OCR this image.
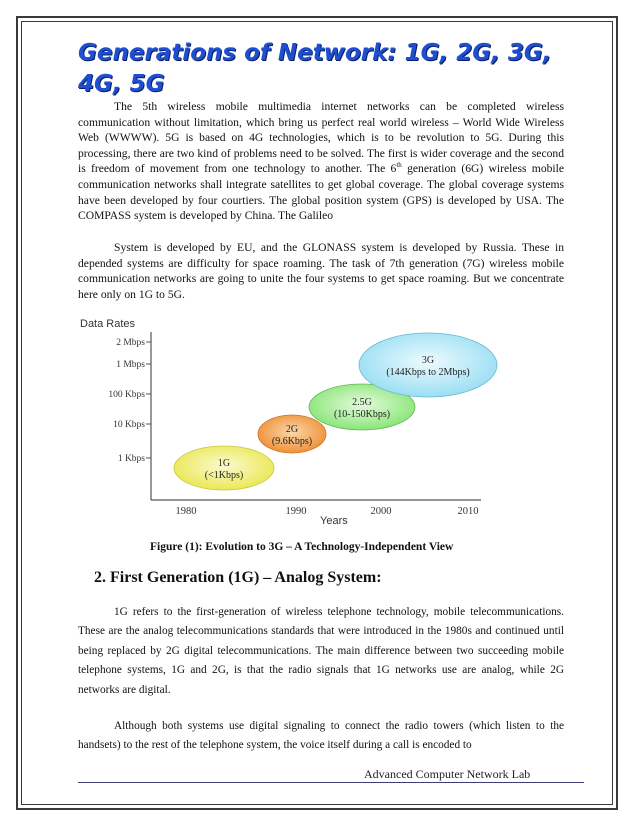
Generations of Network: 1G, 2G, 3G, 4G, 5G

The 5th wireless mobile multimedia internet networks can be completed wireless communication without limitation, which bring us perfect real world wireless – World Wide Wireless Web (WWWW). 5G is based on 4G technologies, which is to be revolution to 5G. During this processing, there are two kind of problems need to be solved. The first is wider coverage and the second is freedom of movement from one technology to another. The 6th generation (6G) wireless mobile communication networks shall integrate satellites to get global coverage. The global coverage systems have been developed by four courtiers. The global position system (GPS) is developed by USA. The COMPASS system is developed by China. The Galileo

System is developed by EU, and the GLONASS system is developed by Russia. These in depended systems are difficulty for space roaming. The task of 7th generation (7G) wireless mobile communication networks are going to unite the four systems to get space roaming. But we concentrate here only on 1G to 5G.

Data Rates
Years
2 Mbps
1 Mbps
100 Kbps
10 Kbps
1 Kbps
1980	1990	2000	2010
1G
(<1Kbps)
2G
(9.6Kbps)
2.5G
(10-150Kbps)
3G
(144Kbps to 2Mbps)

Figure (1): Evolution to 3G – A Technology-Independent View

2. First Generation (1G) – Analog System:

1G refers to the first-generation of wireless telephone technology, mobile telecommunications. These are the analog telecommunications standards that were introduced in the 1980s and continued until being replaced by 2G digital telecommunications. The main difference between two succeeding mobile telephone systems, 1G and 2G, is that the radio signals that 1G networks use are analog, while 2G networks are digital.

Although both systems use digital signaling to connect the radio towers (which listen to the handsets) to the rest of the telephone system, the voice itself during a call is encoded to

Advanced Computer Network Lab
